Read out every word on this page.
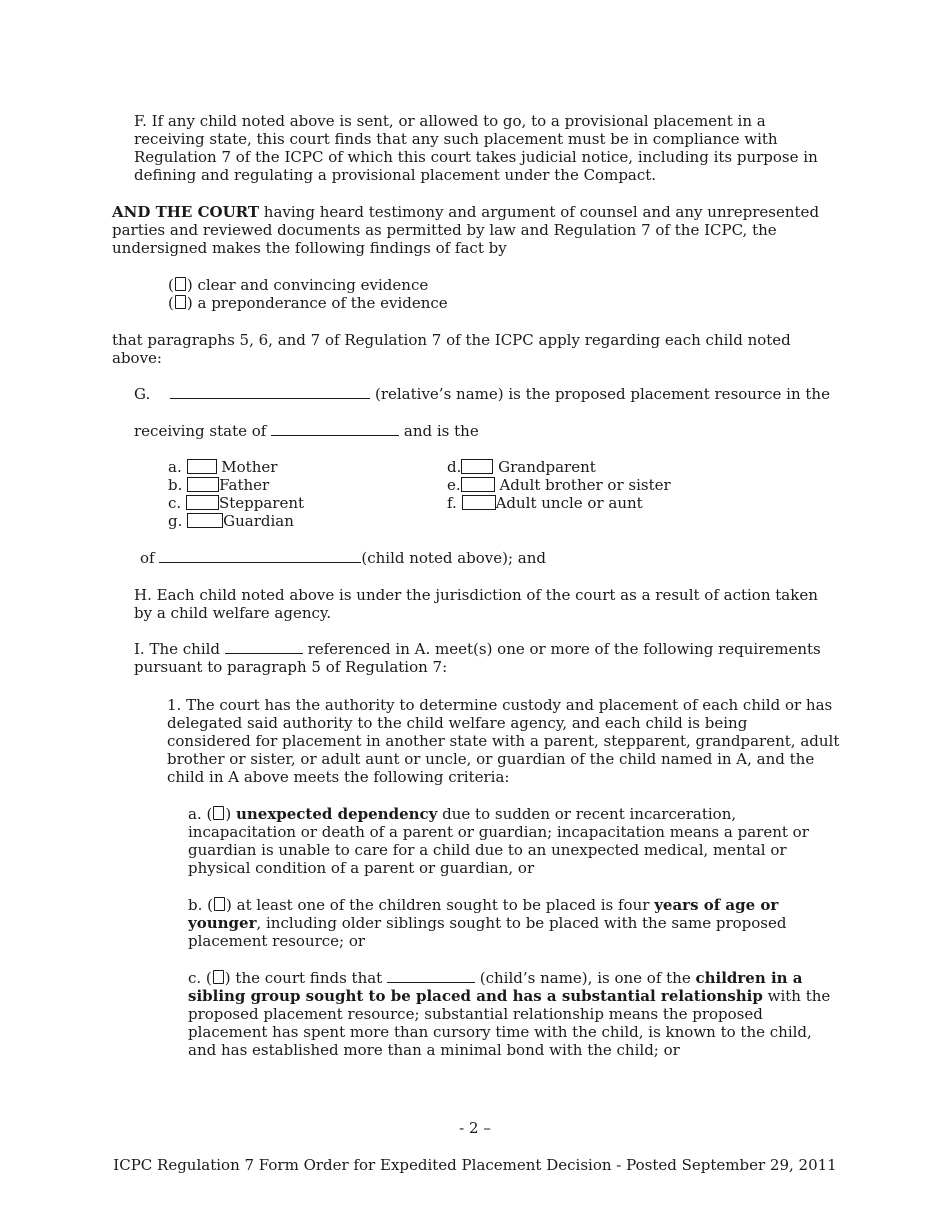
F. If any child noted above is sent, or allowed to go, to a provisional placement in a

receiving state, this court finds that any such placement must be in compliance with

Regulation 7 of the ICPC of which this court takes judicial notice, including its purpose in

defining and regulating a provisional placement under the Compact.

AND THE COURT having heard testimony and argument of counsel and any unrepresented

parties and reviewed documents as permitted by law and Regulation 7 of the ICPC, the

undersigned makes the following findings of fact by

( ) clear and convincing evidence
( ) a preponderance of the evidence

that paragraphs 5, 6, and 7 of Regulation 7 of the ICPC apply regarding each child noted

above:

G.	(relative’s name) is the proposed placement resource in the
receiving state of	and is the
a.	Mother
b. Father
c.	Stepparent
g.	Guardian
d. Grandparent
e.	Adult brother or sister
f.	Adult uncle or aunt
of	(child noted above); and

H. Each child noted above is under the jurisdiction of the court as a result of action taken

by a child welfare agency.

I. The child	referenced in A. meet(s) one or more of the following requirements

pursuant to paragraph 5 of Regulation 7:

1. The court has the authority to determine custody and placement of each child or has

delegated said authority to the child welfare agency, and each child is being

considered for placement in another state with a parent, stepparent, grandparent, adult

brother or sister, or adult aunt or uncle, or guardian of the child named in A, and the

child in A above meets the following criteria:

a. ( ) unexpected dependency due to sudden or recent incarceration,

incapacitation or death of a parent or guardian; incapacitation means a parent or

guardian is unable to care for a child due to an unexpected medical, mental or

physical condition of a parent or guardian, or

b. ( ) at least one of the children sought to be placed is four years of age or

younger, including older siblings sought to be placed with the same proposed

placement resource; or

c. ( ) the court finds that	(child’s name), is one of the children in a

sibling group sought to be placed and has a substantial relationship with the

proposed placement resource; substantial relationship means the proposed

placement has spent more than cursory time with the child, is known to the child,

and has established more than a minimal bond with the child; or

- 2 –
ICPC Regulation 7 Form Order for Expedited Placement Decision - Posted September 29, 2011
